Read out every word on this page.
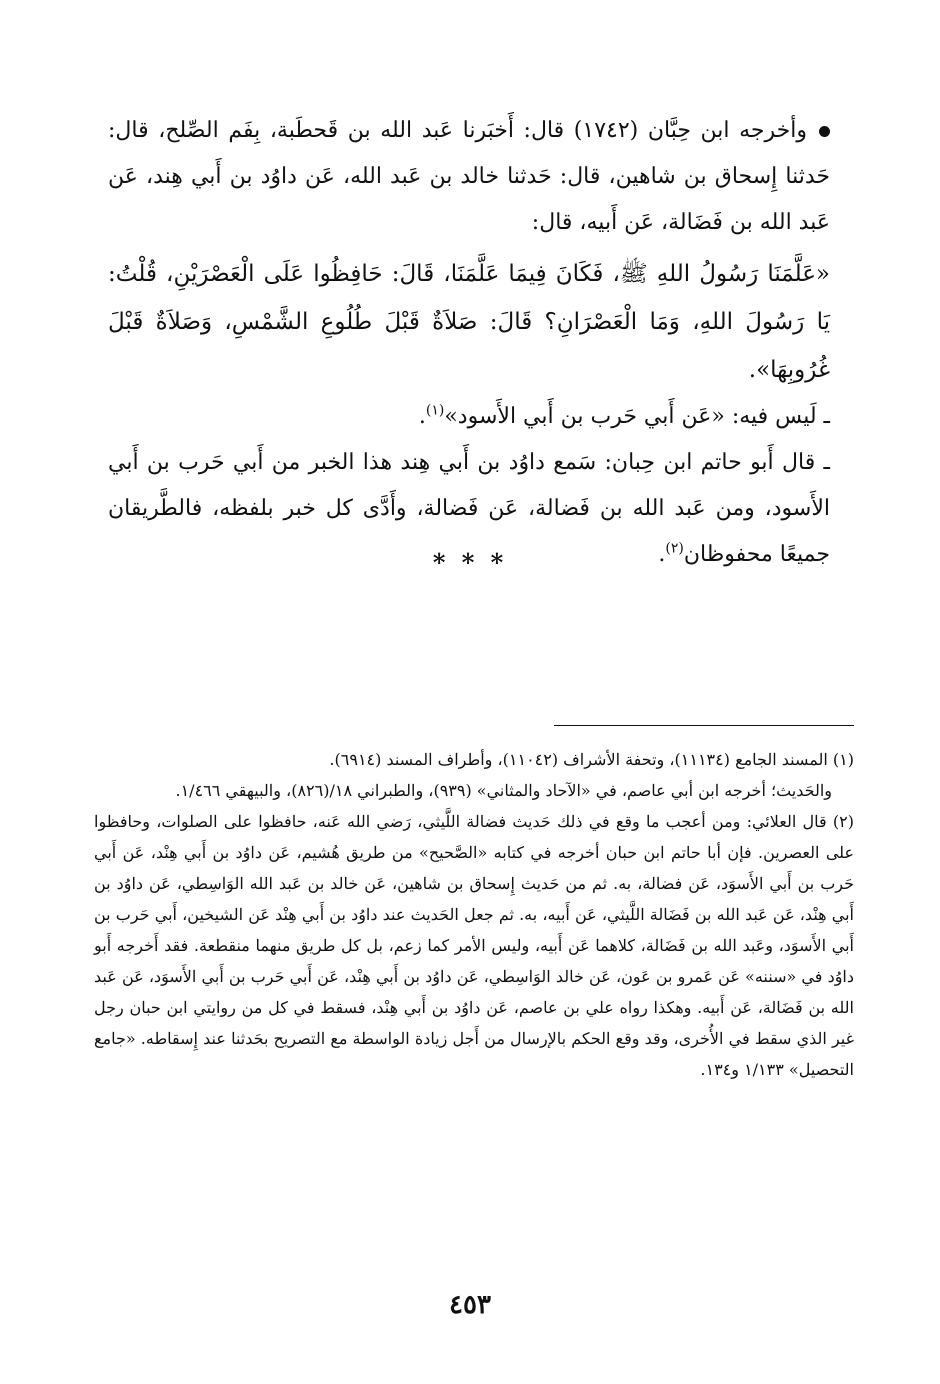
وأخرجه ابن حِبَّان (١٧٤٢) قال: أَخبَرنا عَبد الله بن قَحطَبة، بِفَم الصِّلح، قال: حَدثنا إِسحاق بن شاهين، قال: حَدثنا خالد بن عَبد الله، عَن داوُد بن أَبي هِند، عَن عَبد الله بن فَضَالة، عَن أَبيه، قال:

«عَلَّمَنَا رَسُولُ اللهِ ﷺ، فَكَانَ فِيمَا عَلَّمَنَا، قَالَ: حَافِظُوا عَلَى الْعَصْرَيْنِ، قُلْتُ: يَا رَسُولَ اللهِ، وَمَا الْعَصْرَانِ؟ قَالَ: صَلاَةٌ قَبْلَ طُلُوعِ الشَّمْسِ، وَصَلاَةٌ قَبْلَ غُرُوبِهَا».

ـ لَيس فيه: «عَن أَبي حَرب بن أَبي الأَسود»$^{(١)}$.

ـ قال أَبو حاتم ابن حِبان: سَمع داوُد بن أَبي هِند هذا الخبر من أَبي حَرب بن أَبي الأَسود، ومن عَبد الله بن فَضالة، عَن فَضالة، وأَدَّى كل خبر بلفظه، فالطَّريقان جميعًا محفوظان$^{(٢)}$.

* * *

(١) المسند الجامع (١١١٣٤)، وتحفة الأشراف (١١٠٤٢)، وأطراف المسند (٦٩١٤).

والحَديث؛ أخرجه ابن أبي عاصم، في «الآحاد والمثاني» (٩٣٩)، والطبراني ١٨/(٨٢٦)، والبيهقي ١/٤٦٦.

(٢) قال العلائي: ومن أعجب ما وقع في ذلك حَديث فضالة اللَّيثي، رَضي الله عَنه، حافظوا على الصلوات، وحافظوا على العصرين. فإن أبا حاتم ابن حبان أخرجه في كتابه «الصَّحيح» من طريق هُشيم، عَن داوُد بن أَبي هِنْد، عَن أَبي حَرب بن أَبي الأَسوَد، عَن فضالة، به. ثم من حَديث إِسحاق بن شاهين، عَن خالد بن عَبد الله الوَاسِطي، عَن داوُد بن أَبي هِنْد، عَن عَبد الله بن فَضَالة اللَّيثي، عَن أَبيه، به. ثم جعل الحَديث عند داوُد بن أَبي هِنْد عَن الشيخين، أَبي حَرب بن أَبي الأَسوَد، وعَبد الله بن فَضَالة، كلاهما عَن أَبيه، وليس الأمر كما زعم، بل كل طريق منهما منقطعة. فقد أَخرجه أَبو داوُد في «سننه» عَن عَمرو بن عَون، عَن خالد الوَاسِطي، عَن داوُد بن أَبي هِنْد، عَن أَبي حَرب بن أَبي الأَسوَد، عَن عَبد الله بن فَضَالة، عَن أَبيه. وهكذا رواه علي بن عاصم، عَن داوُد بن أَبي هِنْد، فسقط في كل من روايتي ابن حبان رجل غير الذي سقط في الأُخرى، وقد وقع الحكم بالإرسال من أَجل زيادة الواسطة مع التصريح بحَدثنا عند إِسقاطه. «جامع التحصيل» ١/١٣٣ و١٣٤.

٤٥٣
